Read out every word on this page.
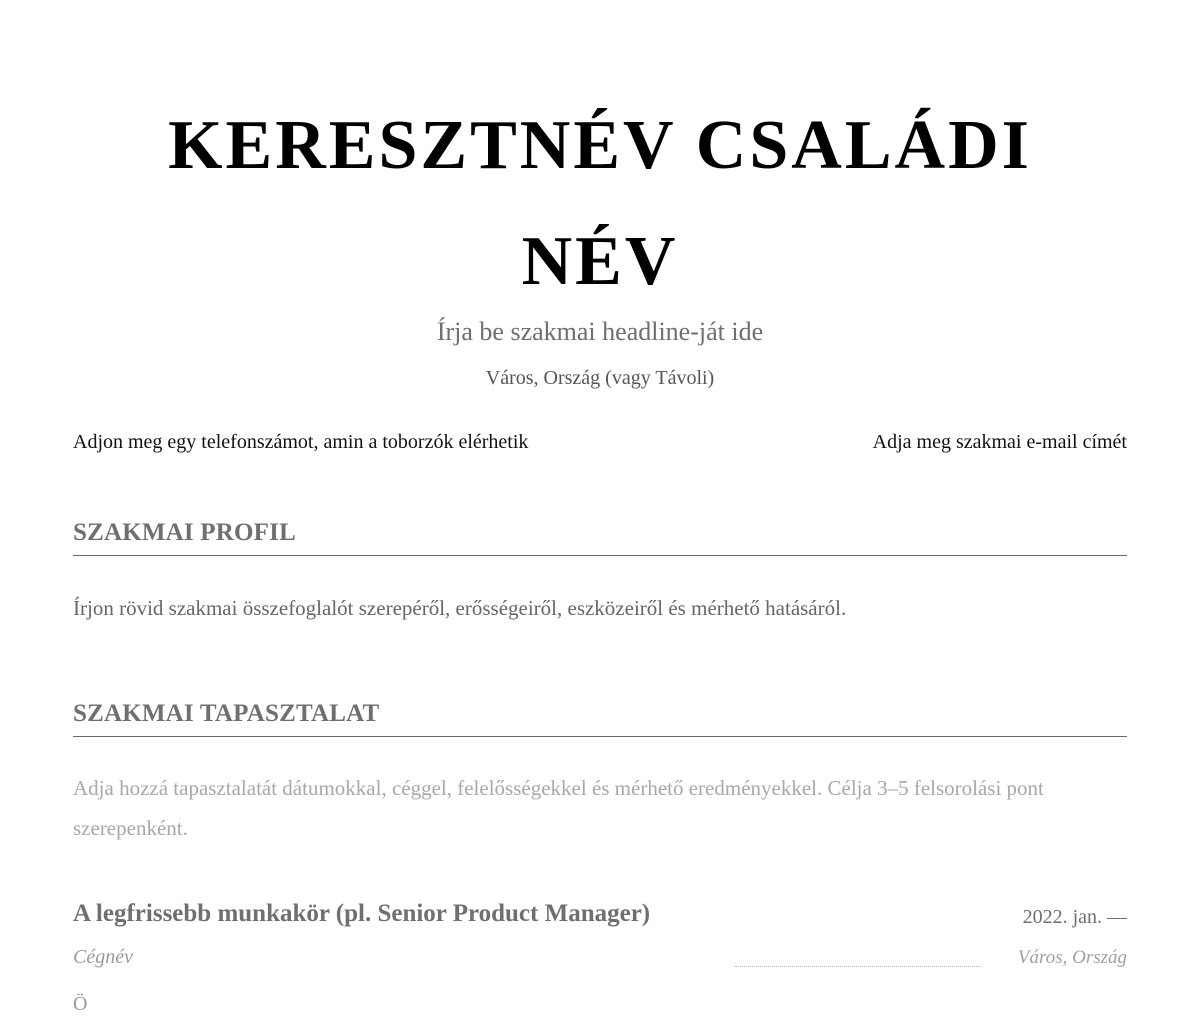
KERESZTNÉV CSALÁDI
NÉV
Írja be szakmai headline-ját ide
Város, Ország (vagy Távoli)
Adjon meg egy telefonszámot, amin a toborzók elérhetik	Adja meg szakmai e-mail címét
SZAKMAI PROFIL
Írjon rövid szakmai összefoglalót szerepéről, erősségeiről, eszközeiről és mérhető hatásáról.
SZAKMAI TAPASZTALAT
Adja hozzá tapasztalatát dátumokkal, céggel, felelősségekkel és mérhető eredményekkel. Célja 3–5 felsorolási pont szerepenként.
A legfrissebb munkakör (pl. Senior Product Manager)	2022. jan. —
Cégnév	Város, Ország
Ö
